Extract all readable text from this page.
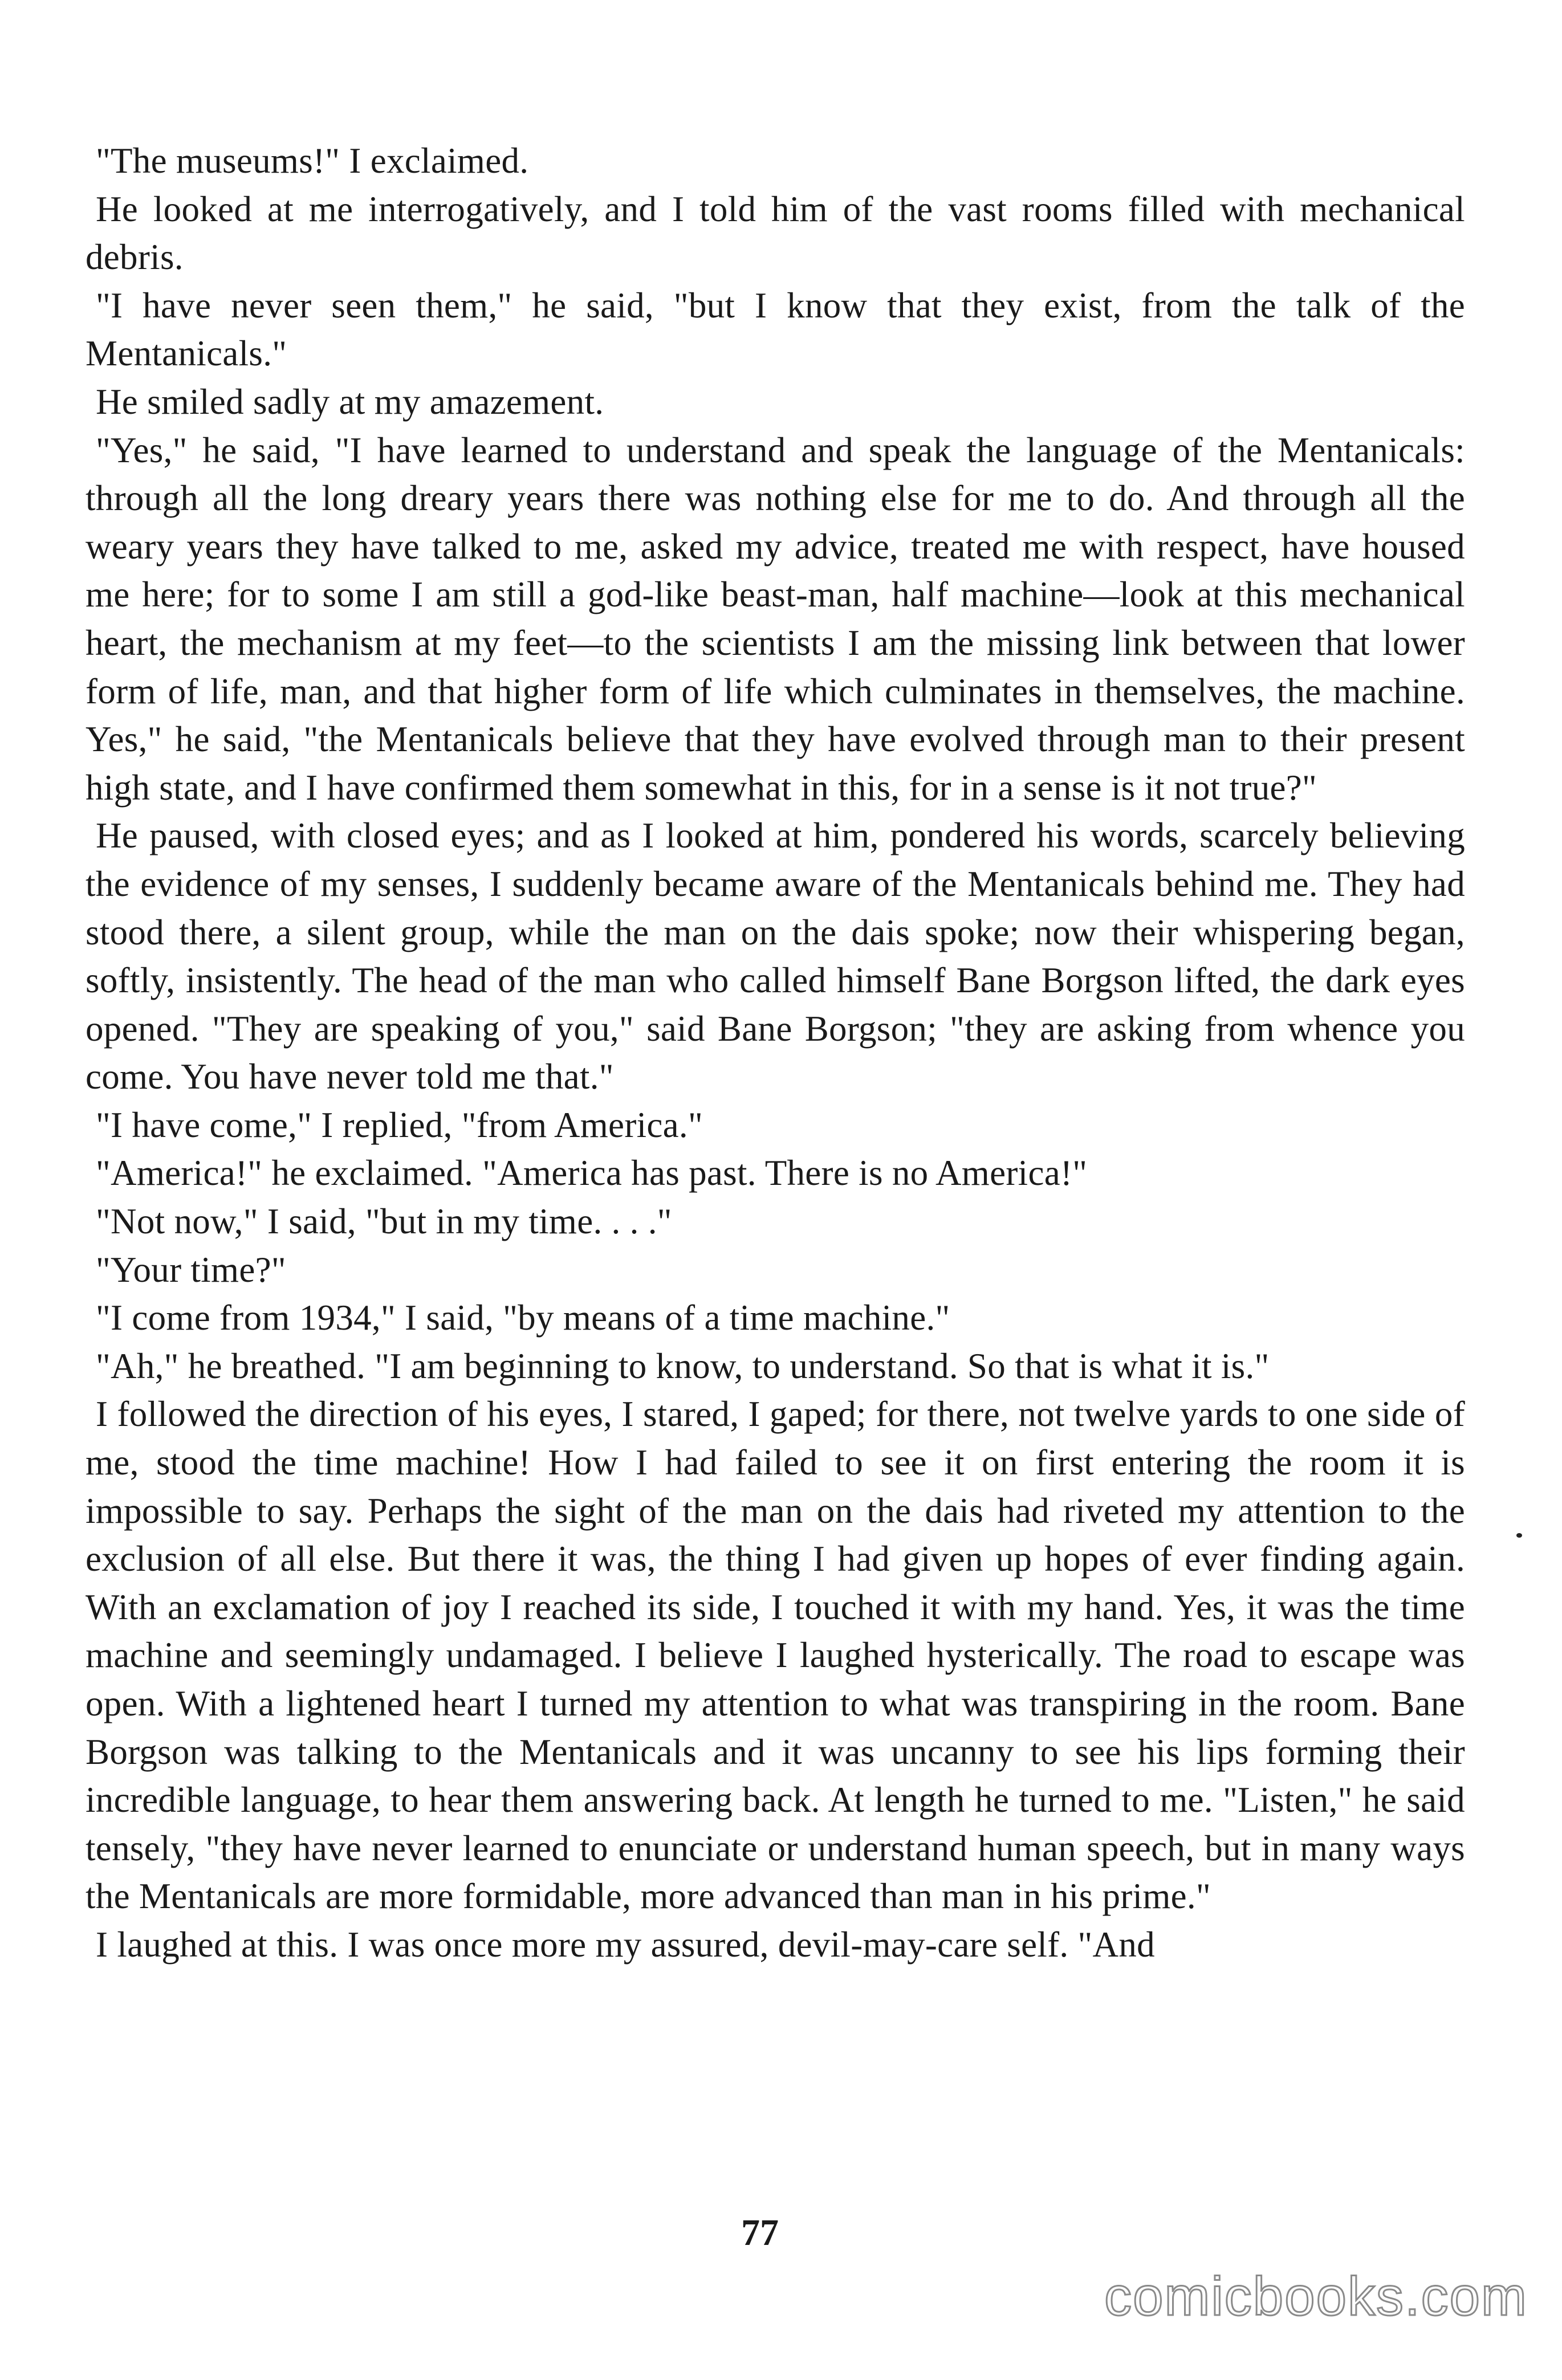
"The museums!" I exclaimed.

He looked at me interrogatively, and I told him of the vast rooms filled with mechanical debris.

"I have never seen them," he said, "but I know that they exist, from the talk of the Mentanicals."

He smiled sadly at my amazement.

"Yes," he said, "I have learned to understand and speak the language of the Mentanicals: through all the long dreary years there was nothing else for me to do. And through all the weary years they have talked to me, asked my advice, treated me with respect, have housed me here; for to some I am still a god-like beast-man, half machine—look at this mechanical heart, the mechanism at my feet—to the scientists I am the missing link between that lower form of life, man, and that higher form of life which culminates in themselves, the machine. Yes," he said, "the Mentanicals believe that they have evolved through man to their present high state, and I have confirmed them somewhat in this, for in a sense is it not true?"

He paused, with closed eyes; and as I looked at him, pondered his words, scarcely believing the evidence of my senses, I suddenly became aware of the Mentanicals behind me. They had stood there, a silent group, while the man on the dais spoke; now their whispering began, softly, insistently. The head of the man who called himself Bane Borgson lifted, the dark eyes opened. "They are speaking of you," said Bane Borgson; "they are asking from whence you come. You have never told me that."

"I have come," I replied, "from America."

"America!" he exclaimed. "America has past. There is no America!"

"Not now," I said, "but in my time. . . ."

"Your time?"

"I come from 1934," I said, "by means of a time machine."

"Ah," he breathed. "I am beginning to know, to understand. So that is what it is."

I followed the direction of his eyes, I stared, I gaped; for there, not twelve yards to one side of me, stood the time machine! How I had failed to see it on first entering the room it is impossible to say. Perhaps the sight of the man on the dais had riveted my attention to the exclusion of all else. But there it was, the thing I had given up hopes of ever finding again. With an exclamation of joy I reached its side, I touched it with my hand. Yes, it was the time machine and seemingly undamaged. I believe I laughed hysterically. The road to escape was open. With a lightened heart I turned my attention to what was transpiring in the room. Bane Borgson was talking to the Mentanicals and it was uncanny to see his lips forming their incredible language, to hear them answering back. At length he turned to me. "Listen," he said tensely, "they have never learned to enunciate or understand human speech, but in many ways the Mentanicals are more formidable, more advanced than man in his prime."

I laughed at this. I was once more my assured, devil-may-care self. "And

77
comicbooks.com
